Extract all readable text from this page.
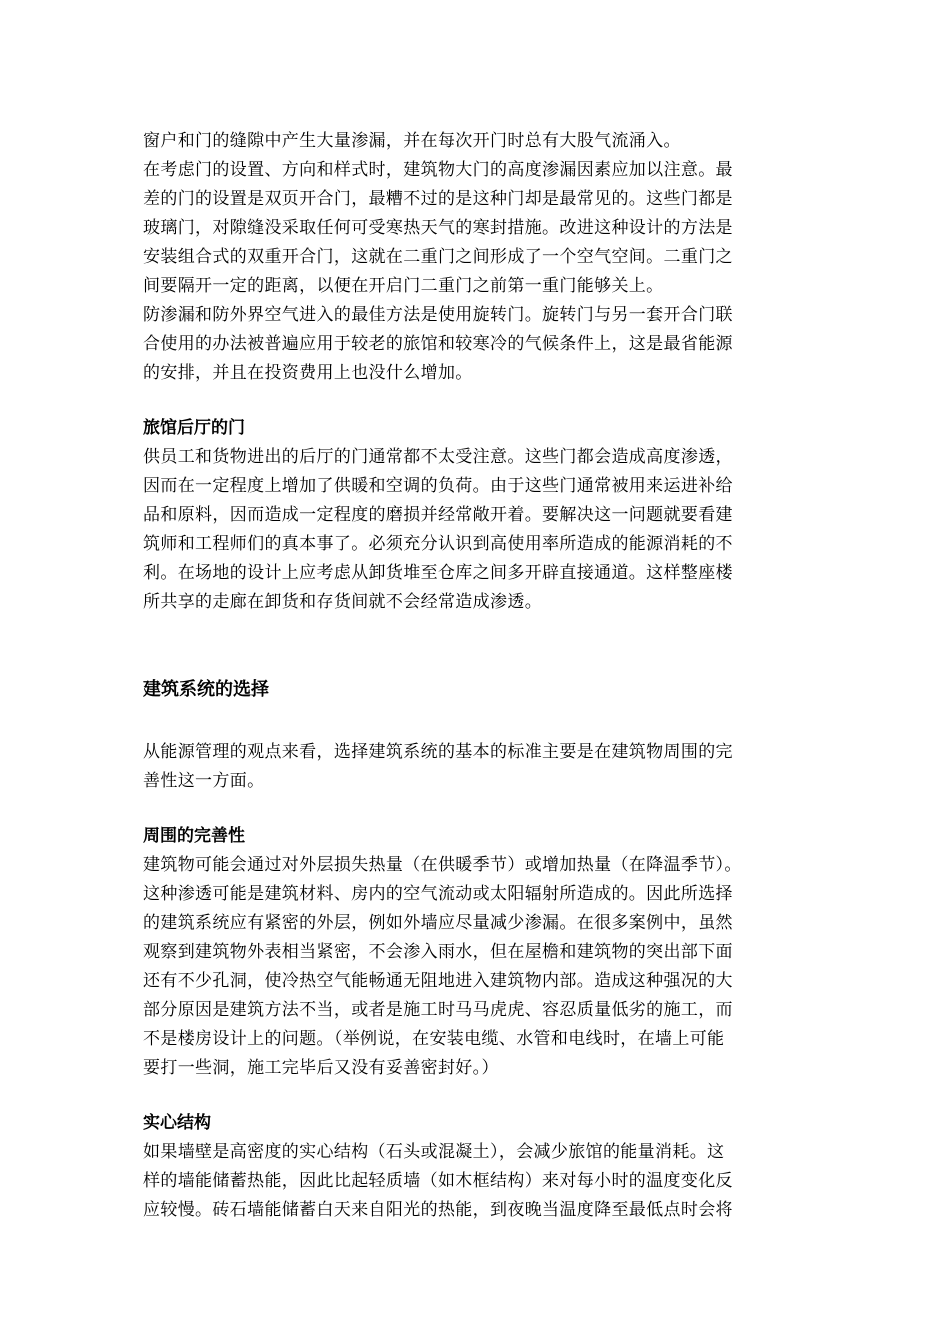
窗户和门的缝隙中产生大量渗漏，并在每次开门时总有大股气流涌入。
在考虑门的设置、方向和样式时，建筑物大门的高度渗漏因素应加以注意。最
差的门的设置是双页开合门，最糟不过的是这种门却是最常见的。这些门都是
玻璃门，对隙缝没采取任何可受寒热天气的寒封措施。改进这种设计的方法是
安装组合式的双重开合门，这就在二重门之间形成了一个空气空间。二重门之
间要隔开一定的距离，以便在开启门二重门之前第一重门能够关上。
防渗漏和防外界空气进入的最佳方法是使用旋转门。旋转门与另一套开合门联
合使用的办法被普遍应用于较老的旅馆和较寒冷的气候条件上，这是最省能源
的安排，并且在投资费用上也没什么增加。
旅馆后厅的门
供员工和货物进出的后厅的门通常都不太受注意。这些门都会造成高度渗透，
因而在一定程度上增加了供暖和空调的负荷。由于这些门通常被用来运进补给
品和原料，因而造成一定程度的磨损并经常敞开着。要解决这一问题就要看建
筑师和工程师们的真本事了。必须充分认识到高使用率所造成的能源消耗的不
利。在场地的设计上应考虑从卸货堆至仓库之间多开辟直接通道。这样整座楼
所共享的走廊在卸货和存货间就不会经常造成渗透。
建筑系统的选择
从能源管理的观点来看，选择建筑系统的基本的标准主要是在建筑物周围的完
善性这一方面。
周围的完善性
建筑物可能会通过对外层损失热量（在供暖季节）或增加热量（在降温季节）。
这种渗透可能是建筑材料、房内的空气流动或太阳辐射所造成的。因此所选择
的建筑系统应有紧密的外层，例如外墙应尽量减少渗漏。在很多案例中，虽然
观察到建筑物外表相当紧密，不会渗入雨水，但在屋檐和建筑物的突出部下面
还有不少孔洞，使冷热空气能畅通无阻地进入建筑物内部。造成这种强况的大
部分原因是建筑方法不当，或者是施工时马马虎虎、容忍质量低劣的施工，而
不是楼房设计上的问题。（举例说，在安装电缆、水管和电线时，在墙上可能
要打一些洞，施工完毕后又没有妥善密封好。）
实心结构
如果墙壁是高密度的实心结构（石头或混凝土），会减少旅馆的能量消耗。这
样的墙能储蓄热能，因此比起轻质墙（如木框结构）来对每小时的温度变化反
应较慢。砖石墙能储蓄白天来自阳光的热能，到夜晚当温度降至最低点时会将
